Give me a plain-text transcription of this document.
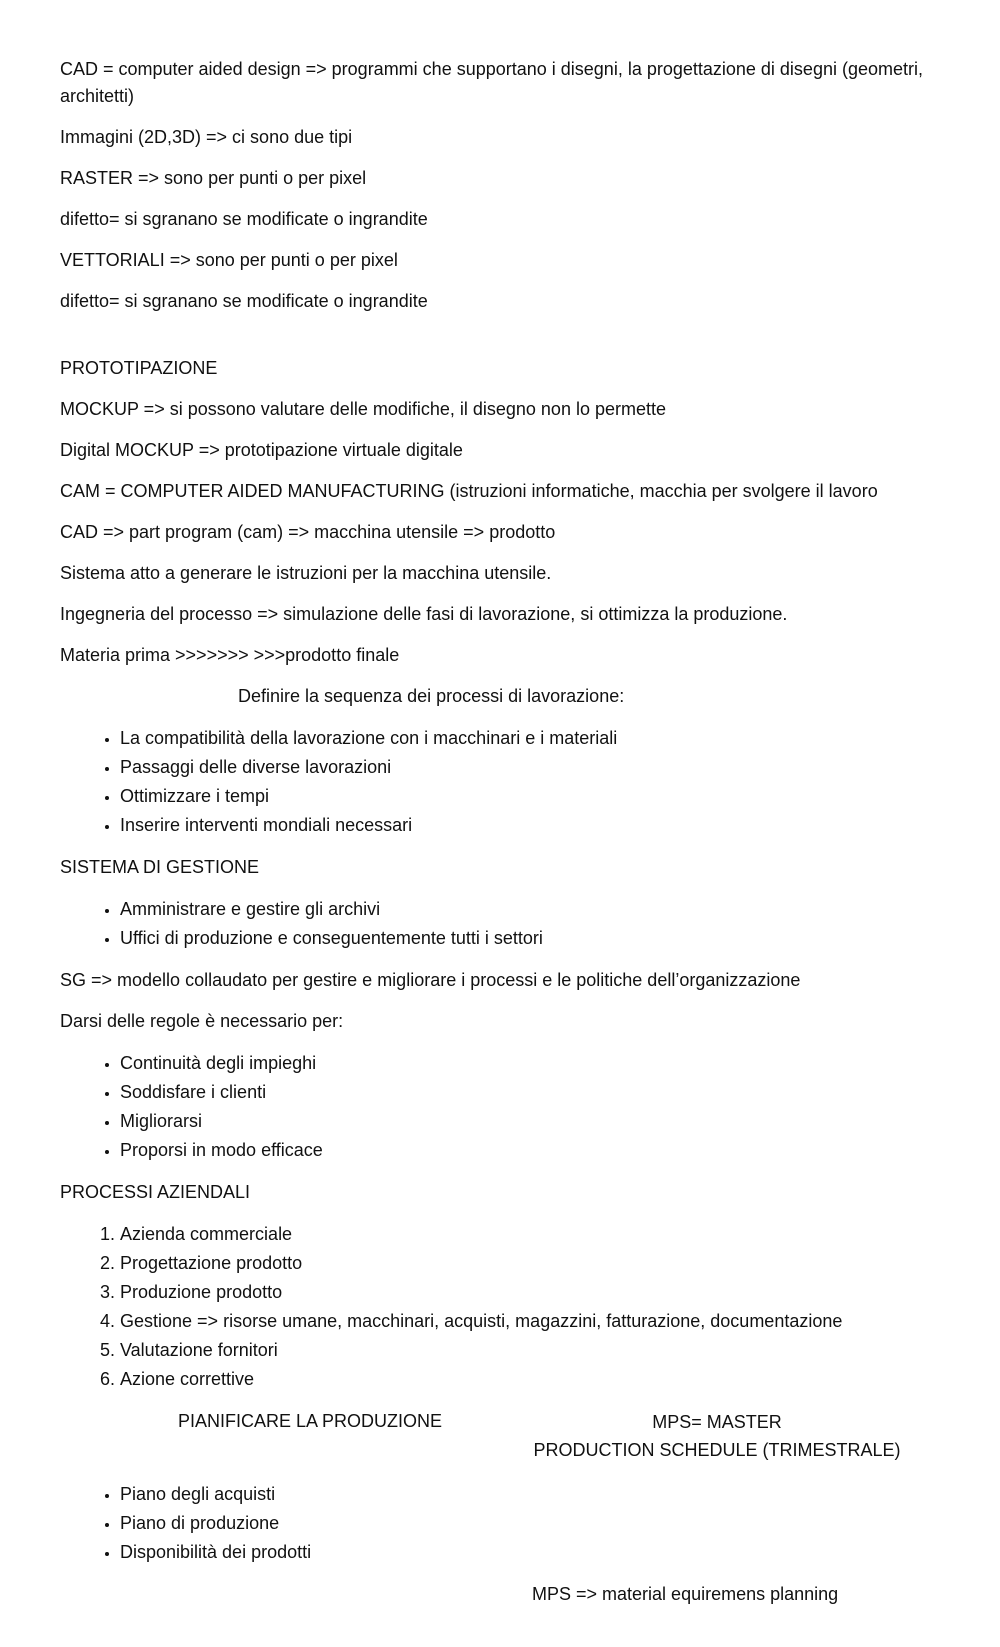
CAD = computer aided design => programmi che supportano i disegni, la progettazione di disegni (geometri, architetti)

Immagini (2D,3D) => ci sono due tipi

RASTER => sono per punti o per pixel

difetto= si sgranano se modificate o ingrandite

VETTORIALI => sono per punti o per pixel

difetto= si sgranano se modificate o ingrandite

PROTOTIPAZIONE

MOCKUP => si possono valutare delle modifiche, il disegno non lo permette

Digital MOCKUP => prototipazione virtuale digitale

CAM = COMPUTER AIDED MANUFACTURING (istruzioni informatiche, macchia per svolgere il lavoro

CAD => part program (cam) => macchina utensile => prodotto

Sistema atto a generare le istruzioni per la macchina utensile.

Ingegneria del processo => simulazione delle fasi di lavorazione, si ottimizza la produzione.

Materia prima >>>>>>> >>>prodotto finale

Definire la sequenza dei processi di lavorazione:

• La compatibilità della lavorazione con i macchinari e i materiali
• Passaggi delle diverse lavorazioni
• Ottimizzare i tempi
• Inserire interventi mondiali necessari

SISTEMA DI GESTIONE

• Amministrare e gestire gli archivi
• Uffici di produzione e conseguentemente tutti i settori

SG => modello collaudato per gestire e migliorare i processi e le politiche dell’organizzazione

Darsi delle regole è necessario per:

• Continuità degli impieghi
• Soddisfare i clienti
• Migliorarsi
• Proporsi in modo efficace

PROCESSI AZIENDALI

1. Azienda commerciale
2. Progettazione prodotto
3. Produzione prodotto
4. Gestione => risorse umane, macchinari, acquisti, magazzini, fatturazione, documentazione
5. Valutazione fornitori
6. Azione correttive
PIANIFICARE LA PRODUZIONE	MPS= MASTER
PRODUCTION SCHEDULE (TRIMESTRALE)
• Piano degli acquisti
• Piano di produzione
• Disponibilità dei prodotti

MPS => material equiremens planning
